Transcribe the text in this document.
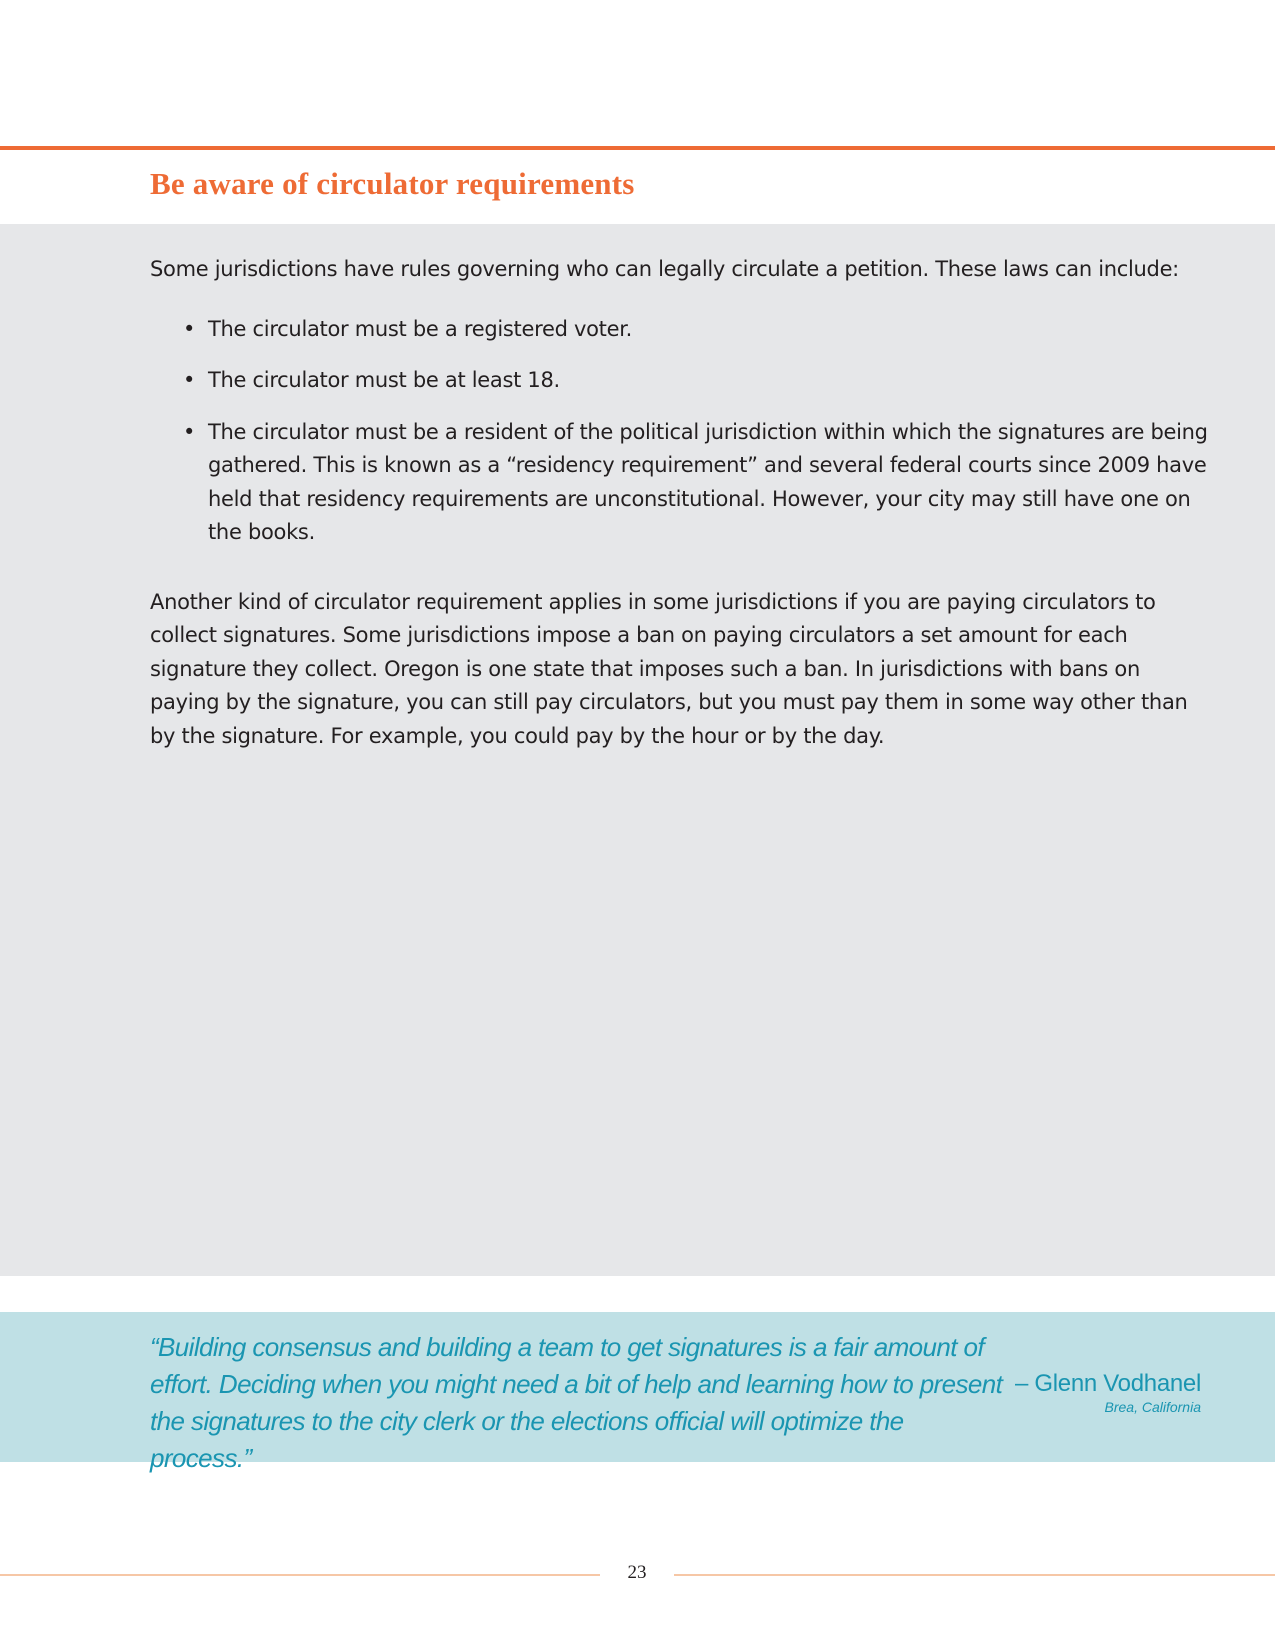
Be aware of circulator requirements

Some jurisdictions have rules governing who can legally circulate a petition. These laws can include:

• The circulator must be a registered voter.
• The circulator must be at least 18.
• The circulator must be a resident of the political jurisdiction within which the signatures are being gathered. This is known as a “residency requirement” and several federal courts since 2009 have held that residency requirements are unconstitutional. However, your city may still have one on the books.

Another kind of circulator requirement applies in some jurisdictions if you are paying circulators to collect signatures. Some jurisdictions impose a ban on paying circulators a set amount for each signature they collect. Oregon is one state that imposes such a ban. In jurisdictions with bans on paying by the signature, you can still pay circulators, but you must pay them in some way other than by the signature. For example, you could pay by the hour or by the day.

“Building consensus and building a team to get signatures is a fair amount of effort. Deciding when you might need a bit of help and learning how to present the signatures to the city clerk or the elections official will optimize the process.”

– Glenn Vodhanel
Brea, California
23
